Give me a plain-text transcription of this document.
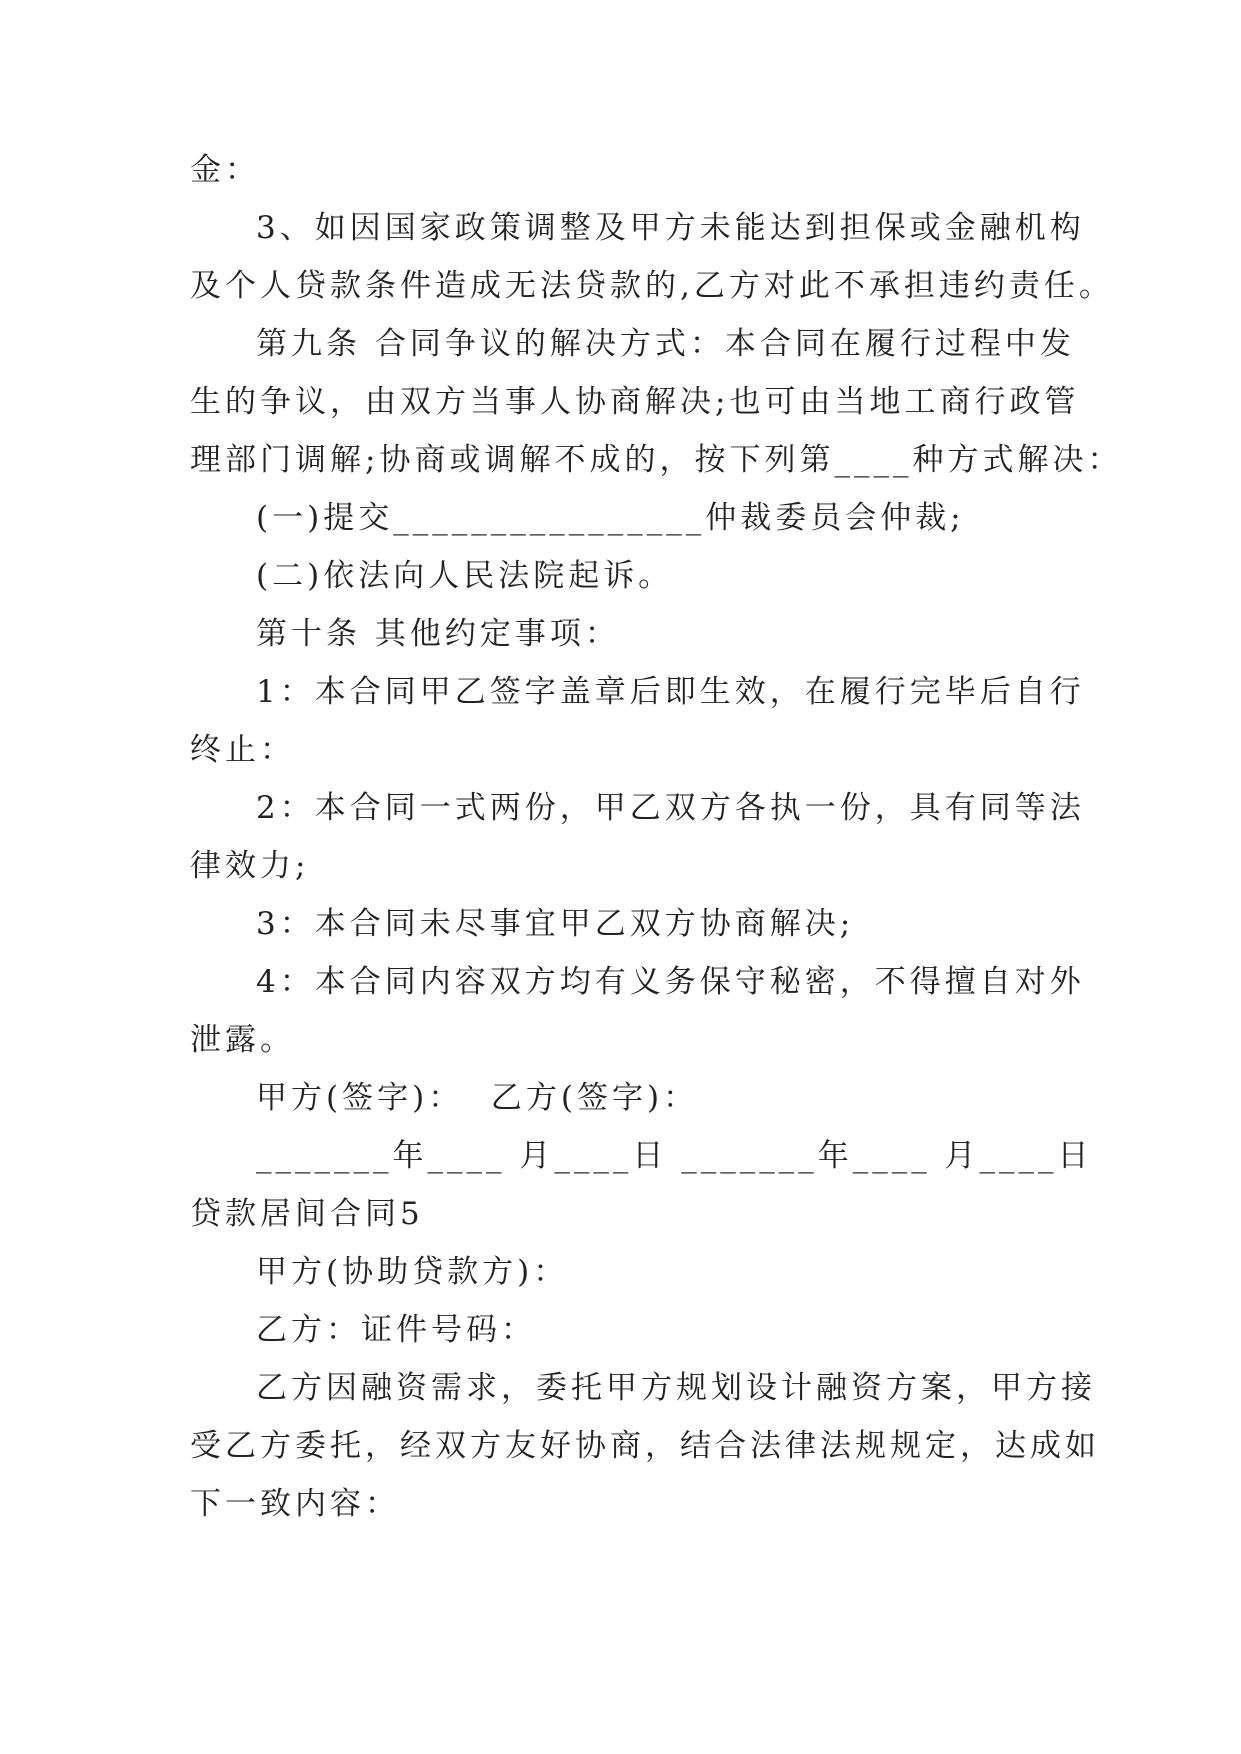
金：
3、如因国家政策调整及甲方未能达到担保或金融机构
及个人贷款条件造成无法贷款的,乙方对此不承担违约责任。
第九条 合同争议的解决方式：本合同在履行过程中发
生的争议，由双方当事人协商解决;也可由当地工商行政管
理部门调解;协商或调解不成的，按下列第____种方式解决：
(一)提交________________仲裁委员会仲裁;
(二)依法向人民法院起诉。
第十条 其他约定事项：
1：本合同甲乙签字盖章后即生效，在履行完毕后自行
终止：
2：本合同一式两份，甲乙双方各执一份，具有同等法
律效力;
3：本合同未尽事宜甲乙双方协商解决;
4：本合同内容双方均有义务保守秘密，不得擅自对外
泄露。
甲方(签字)：  乙方(签字)：
_______年____ 月____日 _______年____ 月____日
贷款居间合同5
甲方(协助贷款方)：
乙方：证件号码：
乙方因融资需求，委托甲方规划设计融资方案，甲方接
受乙方委托，经双方友好协商，结合法律法规规定，达成如
下一致内容：
